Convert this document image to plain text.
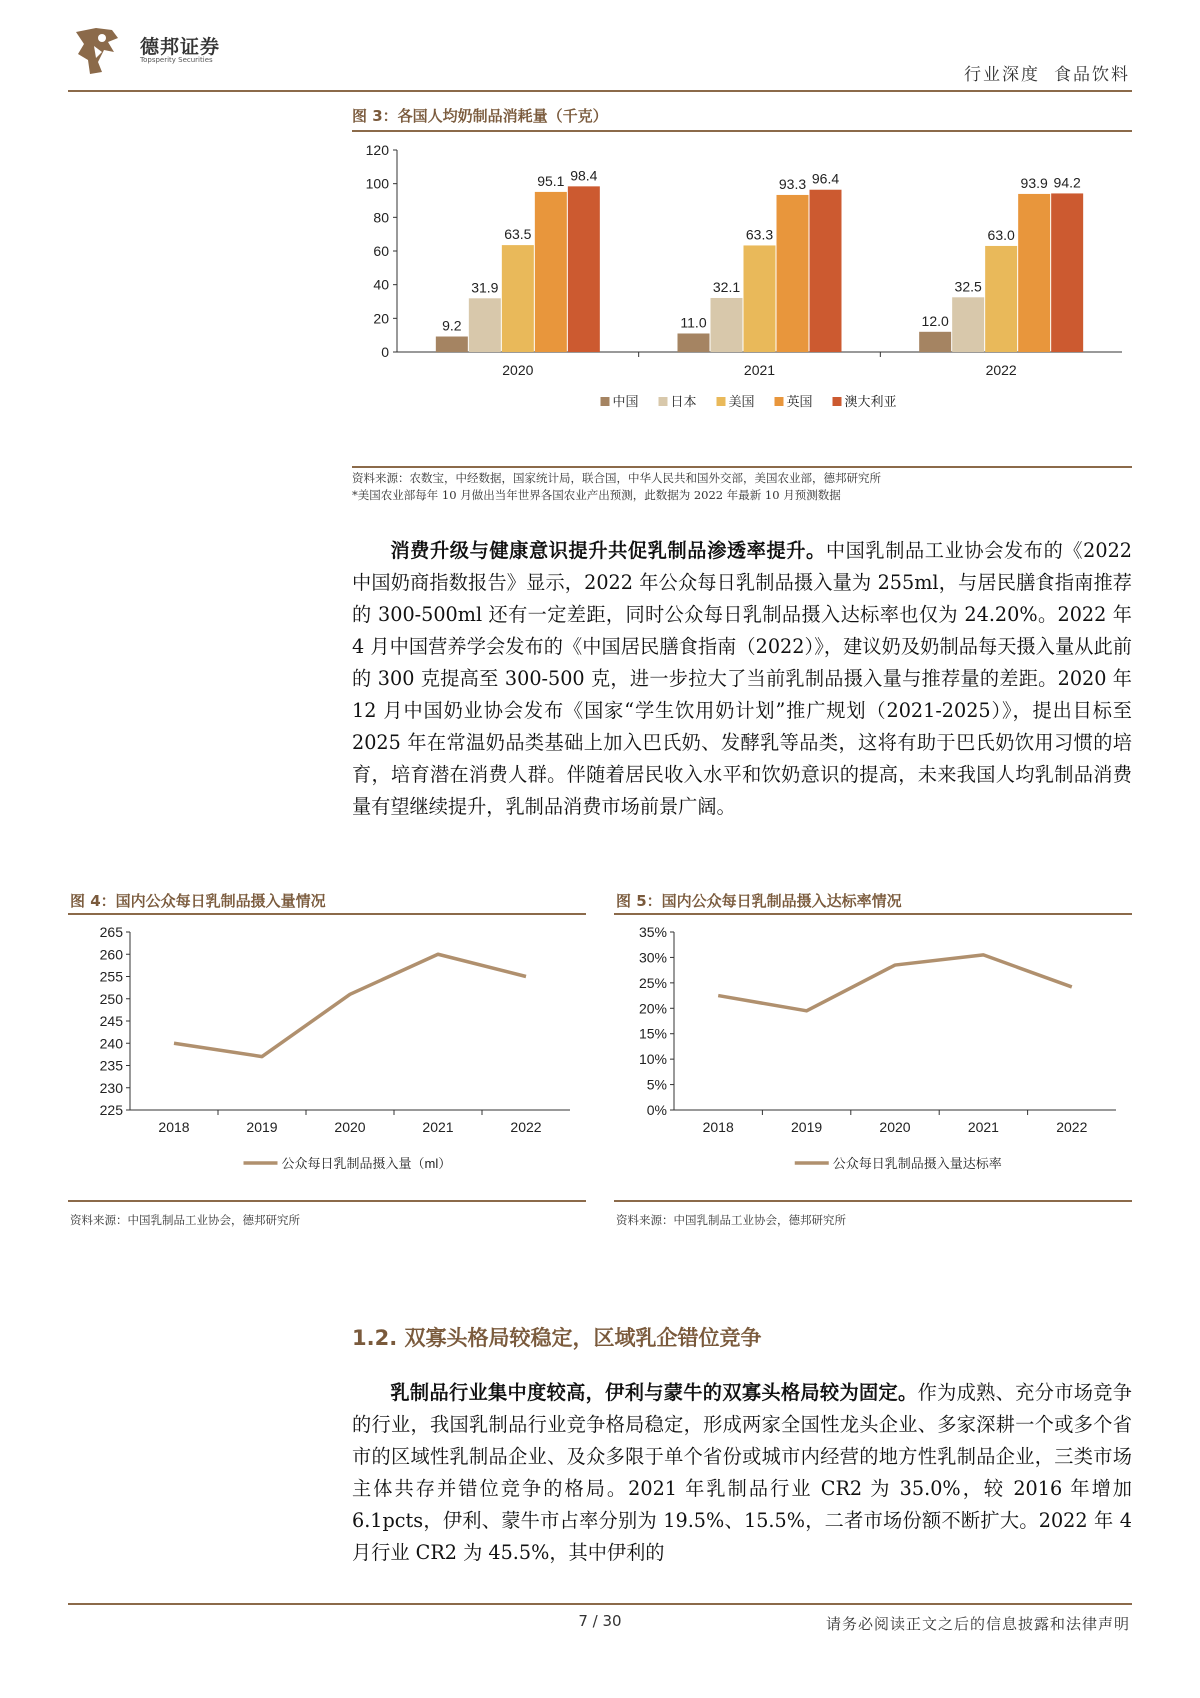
德邦证券
Topsperity Securities
行业深度 食品饮料
图 3：各国人均奶制品消耗量（千克）
0
20
40
60
80
100
120
2020
9.2
31.9
63.5
95.1 98.4
2021
11.0
32.1
63.3
93.3 96.4
2022
12.0
32.5
63.0
93.9 94.2
中国 日本 美国 英国 澳大利亚
资料来源：农数宝，中经数据，国家统计局，联合国，中华人民共和国外交部，美国农业部，德邦研究所
*美国农业部每年 10 月做出当年世界各国农业产出预测，此数据为 2022 年最新 10 月预测数据
消费升级与健康意识提升共促乳制品渗透率提升。中国乳制品工业协会发布的《2022 中国奶商指数报告》显示，2022 年公众每日乳制品摄入量为 255ml，与居民膳食指南推荐的 300-500ml 还有一定差距，同时公众每日乳制品摄入达标率也仅为 24.20%。2022 年 4 月中国营养学会发布的《中国居民膳食指南（2022）》，建议奶及奶制品每天摄入量从此前的 300 克提高至 300-500 克，进一步拉大了当前乳制品摄入量与推荐量的差距。2020 年 12 月中国奶业协会发布《国家“学生饮用奶计划”推广规划（2021-2025）》，提出目标至 2025 年在常温奶品类基础上加入巴氏奶、发酵乳等品类，这将有助于巴氏奶饮用习惯的培育，培育潜在消费人群。伴随着居民收入水平和饮奶意识的提高，未来我国人均乳制品消费量有望继续提升，乳制品消费市场前景广阔。
图 4：国内公众每日乳制品摄入量情况
225
230
235
240
245
250
255
260
265
2018	2019	2020	2021	2022
公众每日乳制品摄入量（ml）
资料来源：中国乳制品工业协会，德邦研究所
图 5：国内公众每日乳制品摄入达标率情况
0%
5%
10%
15%
20%
25%
30%
35%
2018	2019	2020	2021	2022
公众每日乳制品摄入量达标率
资料来源：中国乳制品工业协会，德邦研究所
1.2. 双寡头格局较稳定，区域乳企错位竞争
乳制品行业集中度较高，伊利与蒙牛的双寡头格局较为固定。作为成熟、充分市场竞争的行业，我国乳制品行业竞争格局稳定，形成两家全国性龙头企业、多家深耕一个或多个省市的区域性乳制品企业、及众多限于单个省份或城市内经营的地方性乳制品企业，三类市场主体共存并错位竞争的格局。2021 年乳制品行业 CR2 为 35.0%，较 2016 年增加 6.1pcts，伊利、蒙牛市占率分别为 19.5%、15.5%，二者市场份额不断扩大。2022 年 4 月行业 CR2 为 45.5%，其中伊利的
7 / 30	请务必阅读正文之后的信息披露和法律声明
